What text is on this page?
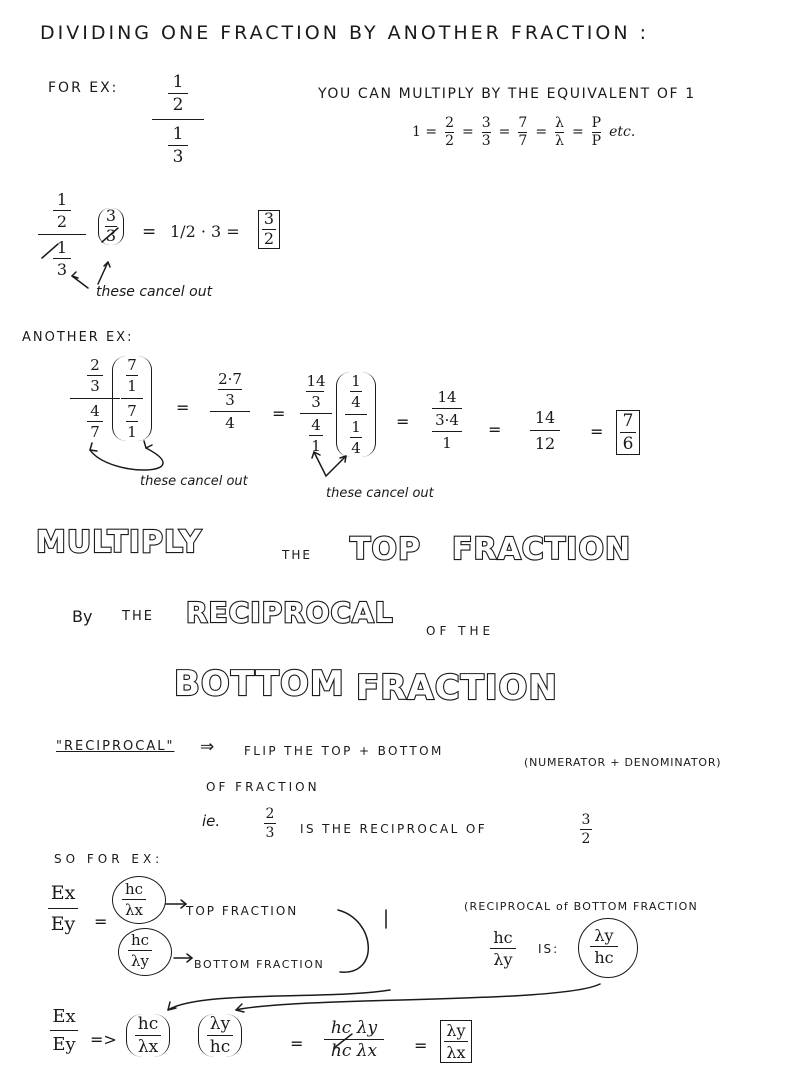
DIVIDING ONE FRACTION BY ANOTHER FRACTION :
FOR EX:	1
2
1
3
YOU CAN MULTIPLY BY THE EQUIVALENT OF 1
$1 = \frac{2}{2} = \frac{3}{3} = \frac{7}{7} = \frac{\lambda}{\lambda} = \frac{P}{P}$ etc.
1
2
1
3
3
3 = 1/2 · 3 =
3
2
these cancel out
ANOTHER EX:
2
3
4
7
7
1
7
1
=
2·7
3
4 =
14
3
4
1
1
4
1
4
=
14
3·4
1
=
14
12
=
7
6
these cancel out
these cancel out
MULTIPLY	THE TOP FRACTION
By THE RECIPROCAL
OF THE
BOTTOM FRACTION
"RECIPROCAL" ⇒ FLIP THE TOP + BOTTOM
(NUMERATOR + DENOMINATOR)
OF FRACTION
ie.	2
3 IS THE RECIPROCAL OF
3
2
SO FOR EX:
Ex
Ey =
hc
λx
hc
λy
TOP FRACTION
BOTTOM FRACTION
(RECIPROCAL of BOTTOM FRACTION
hc
λy
IS:
λy
hc
Ex
Ey =>
hc
λx
λy
hc	=
hc λy
hc λx =
λy
λx
